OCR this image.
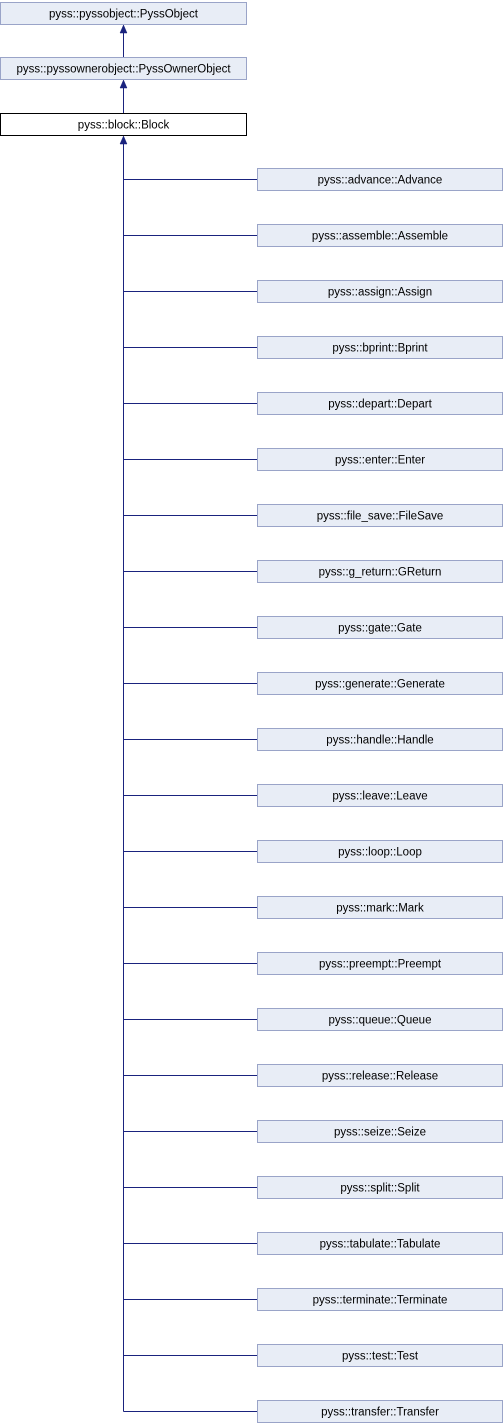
pyss::pyssobject::PyssObject
pyss::pyssownerobject::PyssOwnerObject
pyss::block::Block
pyss::advance::Advance
pyss::assemble::Assemble
pyss::assign::Assign
pyss::bprint::Bprint
pyss::depart::Depart
pyss::enter::Enter
pyss::file_save::FileSave
pyss::g_return::GReturn
pyss::gate::Gate
pyss::generate::Generate
pyss::handle::Handle
pyss::leave::Leave
pyss::loop::Loop
pyss::mark::Mark
pyss::preempt::Preempt
pyss::queue::Queue
pyss::release::Release
pyss::seize::Seize
pyss::split::Split
pyss::tabulate::Tabulate
pyss::terminate::Terminate
pyss::test::Test
pyss::transfer::Transfer
